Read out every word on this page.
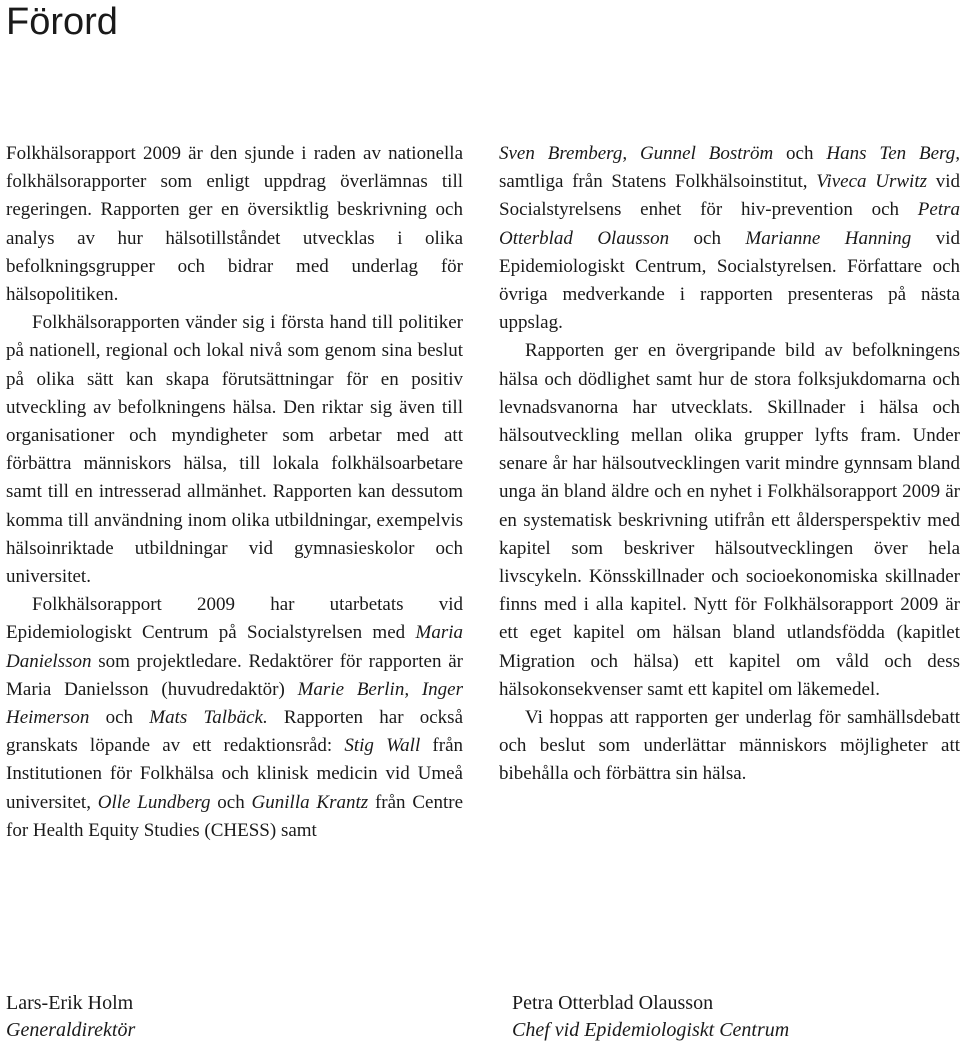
Förord

Folkhälsorapport 2009 är den sjunde i raden av nationella folkhälsorapporter som enligt uppdrag överlämnas till regeringen. Rapporten ger en översiktlig beskrivning och analys av hur hälsotillståndet utvecklas i olika befolkningsgrupper och bidrar med underlag för hälsopolitiken.

Folkhälsorapporten vänder sig i första hand till politiker på nationell, regional och lokal nivå som genom sina beslut på olika sätt kan skapa förutsättningar för en positiv utveckling av befolkningens hälsa. Den riktar sig även till organisationer och myndigheter som arbetar med att förbättra människors hälsa, till lokala folkhälsoarbetare samt till en intresserad allmänhet. Rapporten kan dessutom komma till användning inom olika utbildningar, exempelvis hälsoinriktade utbildningar vid gymnasieskolor och universitet.

Folkhälsorapport 2009 har utarbetats vid Epidemiologiskt Centrum på Socialstyrelsen med Maria Danielsson som projektledare. Redaktörer för rapporten är Maria Danielsson (huvudredaktör) Marie Berlin, Inger Heimerson och Mats Talbäck. Rapporten har också granskats löpande av ett redaktionsråd: Stig Wall från Institutionen för Folkhälsa och klinisk medicin vid Umeå universitet, Olle Lundberg och Gunilla Krantz från Centre for Health Equity Studies (CHESS) samt

Sven Bremberg, Gunnel Boström och Hans Ten Berg, samtliga från Statens Folkhälsoinstitut, Viveca Urwitz vid Socialstyrelsens enhet för hiv-prevention och Petra Otterblad Olausson och Marianne Hanning vid Epidemiologiskt Centrum, Socialstyrelsen. Författare och övriga medverkande i rapporten presenteras på nästa uppslag.

Rapporten ger en övergripande bild av befolkningens hälsa och dödlighet samt hur de stora folksjukdomarna och levnadsvanorna har utvecklats. Skillnader i hälsa och hälsoutveckling mellan olika grupper lyfts fram. Under senare år har hälsoutvecklingen varit mindre gynnsam bland unga än bland äldre och en nyhet i Folkhälsorapport 2009 är en systematisk beskrivning utifrån ett åldersperspektiv med kapitel som beskriver hälsoutvecklingen över hela livscykeln. Könsskillnader och socioekonomiska skillnader finns med i alla kapitel. Nytt för Folkhälsorapport 2009 är ett eget kapitel om hälsan bland utlandsfödda (kapitlet Migration och hälsa) ett kapitel om våld och dess hälsokonsekvenser samt ett kapitel om läkemedel.

Vi hoppas att rapporten ger underlag för samhällsdebatt och beslut som underlättar människors möjligheter att bibehålla och förbättra sin hälsa.

Lars-Erik Holm
Generaldirektör
Petra Otterblad Olausson
Chef vid Epidemiologiskt Centrum
